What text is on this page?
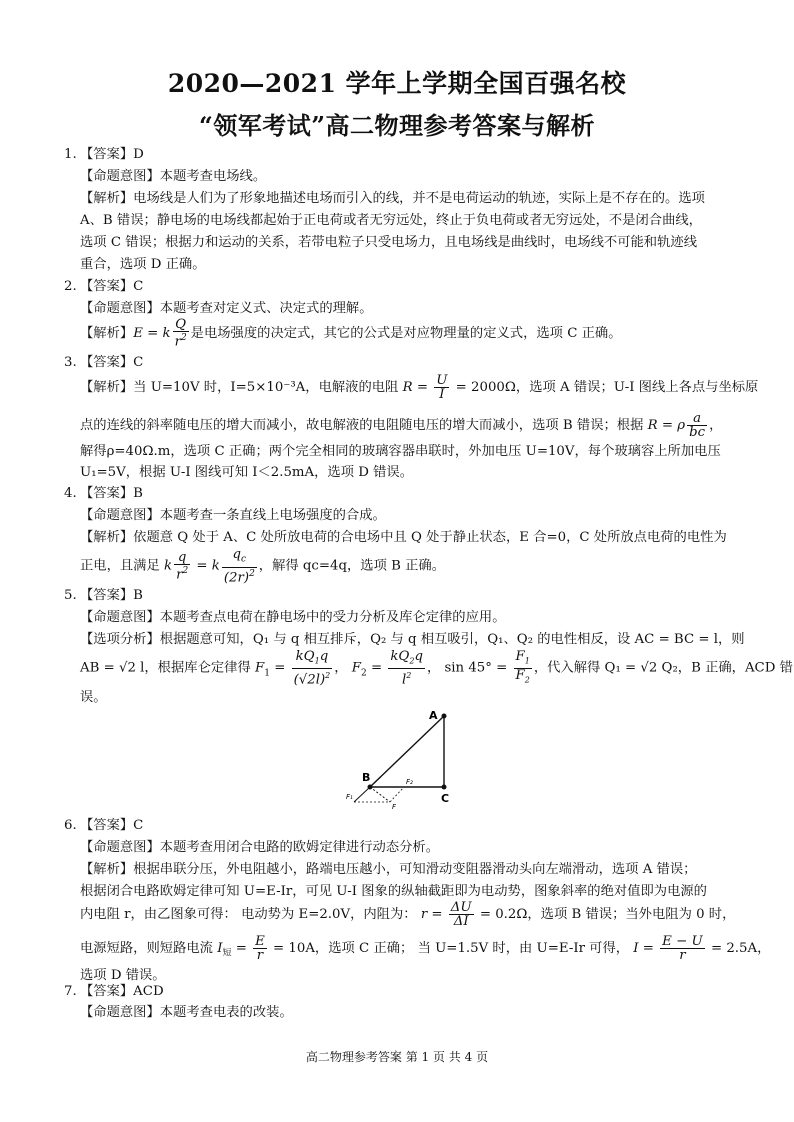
2020—2021 学年上学期全国百强名校
“领军考试”高二物理参考答案与解析
1. 【答案】D
【命题意图】本题考查电场线。
【解析】电场线是人们为了形象地描述电场而引入的线，并不是电荷运动的轨迹，实际上是不存在的。选项
A、B 错误；静电场的电场线都起始于正电荷或者无穷远处，终止于负电荷或者无穷远处，不是闭合曲线，
选项 C 错误；根据力和运动的关系，若带电粒子只受电场力，且电场线是曲线时，电场线不可能和轨迹线
重合，选项 D 正确。
2. 【答案】C
【命题意图】本题考查对定义式、决定式的理解。
【解析】E = k $\frac{Q}{r^2}$ 是电场强度的决定式，其它的公式是对应物理量的定义式，选项 C 正确。
3. 【答案】C
【解析】当 U=10V 时，I=5×10⁻³A，电解液的电阻 $R = \frac{U}{I} = 2000\Omega$，选项 A 错误；U-I 图线上各点与坐标原
点的连线的斜率随电压的增大而减小，故电解液的电阻随电压的增大而减小，选项 B 错误；根据 R = ρ $\frac{a}{bc}$ ，
解得ρ=40Ω.m，选项 C 正确；两个完全相同的玻璃容器串联时，外加电压 U=10V，每个玻璃容上所加电压
U₁=5V，根据 U-I 图线可知 I＜2.5mA，选项 D 错误。
4. 【答案】B
【命题意图】本题考查一条直线上电场强度的合成。
【解析】依题意 Q 处于 A、C 处所放电荷的合电场中且 Q 处于静止状态，E 合=0，C 处所放点电荷的电性为
正电，且满足 k $\frac{q}{r^2} = k \frac{q_c}{(2r)^2}$ ，解得 qc=4q，选项 B 正确。
5. 【答案】B
【命题意图】本题考查点电荷在静电场中的受力分析及库仑定律的应用。
【选项分析】根据题意可知，Q₁ 与 q 相互排斥，Q₂ 与 q 相互吸引，Q₁、Q₂ 的电性相反，设 AC = BC = l，则
AB = √2 l，根据库仑定律得 $F_1 = \frac{kQ_1q}{(√2l)^2}$ ， $F_2 = \frac{kQ_2q}{l^2}$ ， $\sin 45^\circ = \frac{F_1}{F_2}$ ，代入解得 Q₁ = √2 Q₂，B 正确，ACD 错
误。
A
B
C
F₁
F₂
F
6. 【答案】C
【命题意图】本题考查用闭合电路的欧姆定律进行动态分析。
【解析】根据串联分压，外电阻越小，路端电压越小，可知滑动变阻器滑动头向左端滑动，选项 A 错误；
根据闭合电路欧姆定律可知 U=E-Ir，可见 U-I 图象的纵轴截距即为电动势，图象斜率的绝对值即为电源的
内电阻 r，由乙图象可得： 电动势为 E=2.0V，内阻为： $r = \frac{\Delta U}{\Delta I} = 0.2\Omega$，选项 B 错误；当外电阻为 0 时，
电源短路，则短路电流 $I_短 = \frac{E}{r} = 10A$，选项 C 正确； 当 U=1.5V 时，由 U=E-Ir 可得， $I = \frac{E - U}{r} = 2.5A$，
选项 D 错误。
7. 【答案】ACD
【命题意图】本题考查电表的改装。
高二物理参考答案 第 1 页 共 4 页
